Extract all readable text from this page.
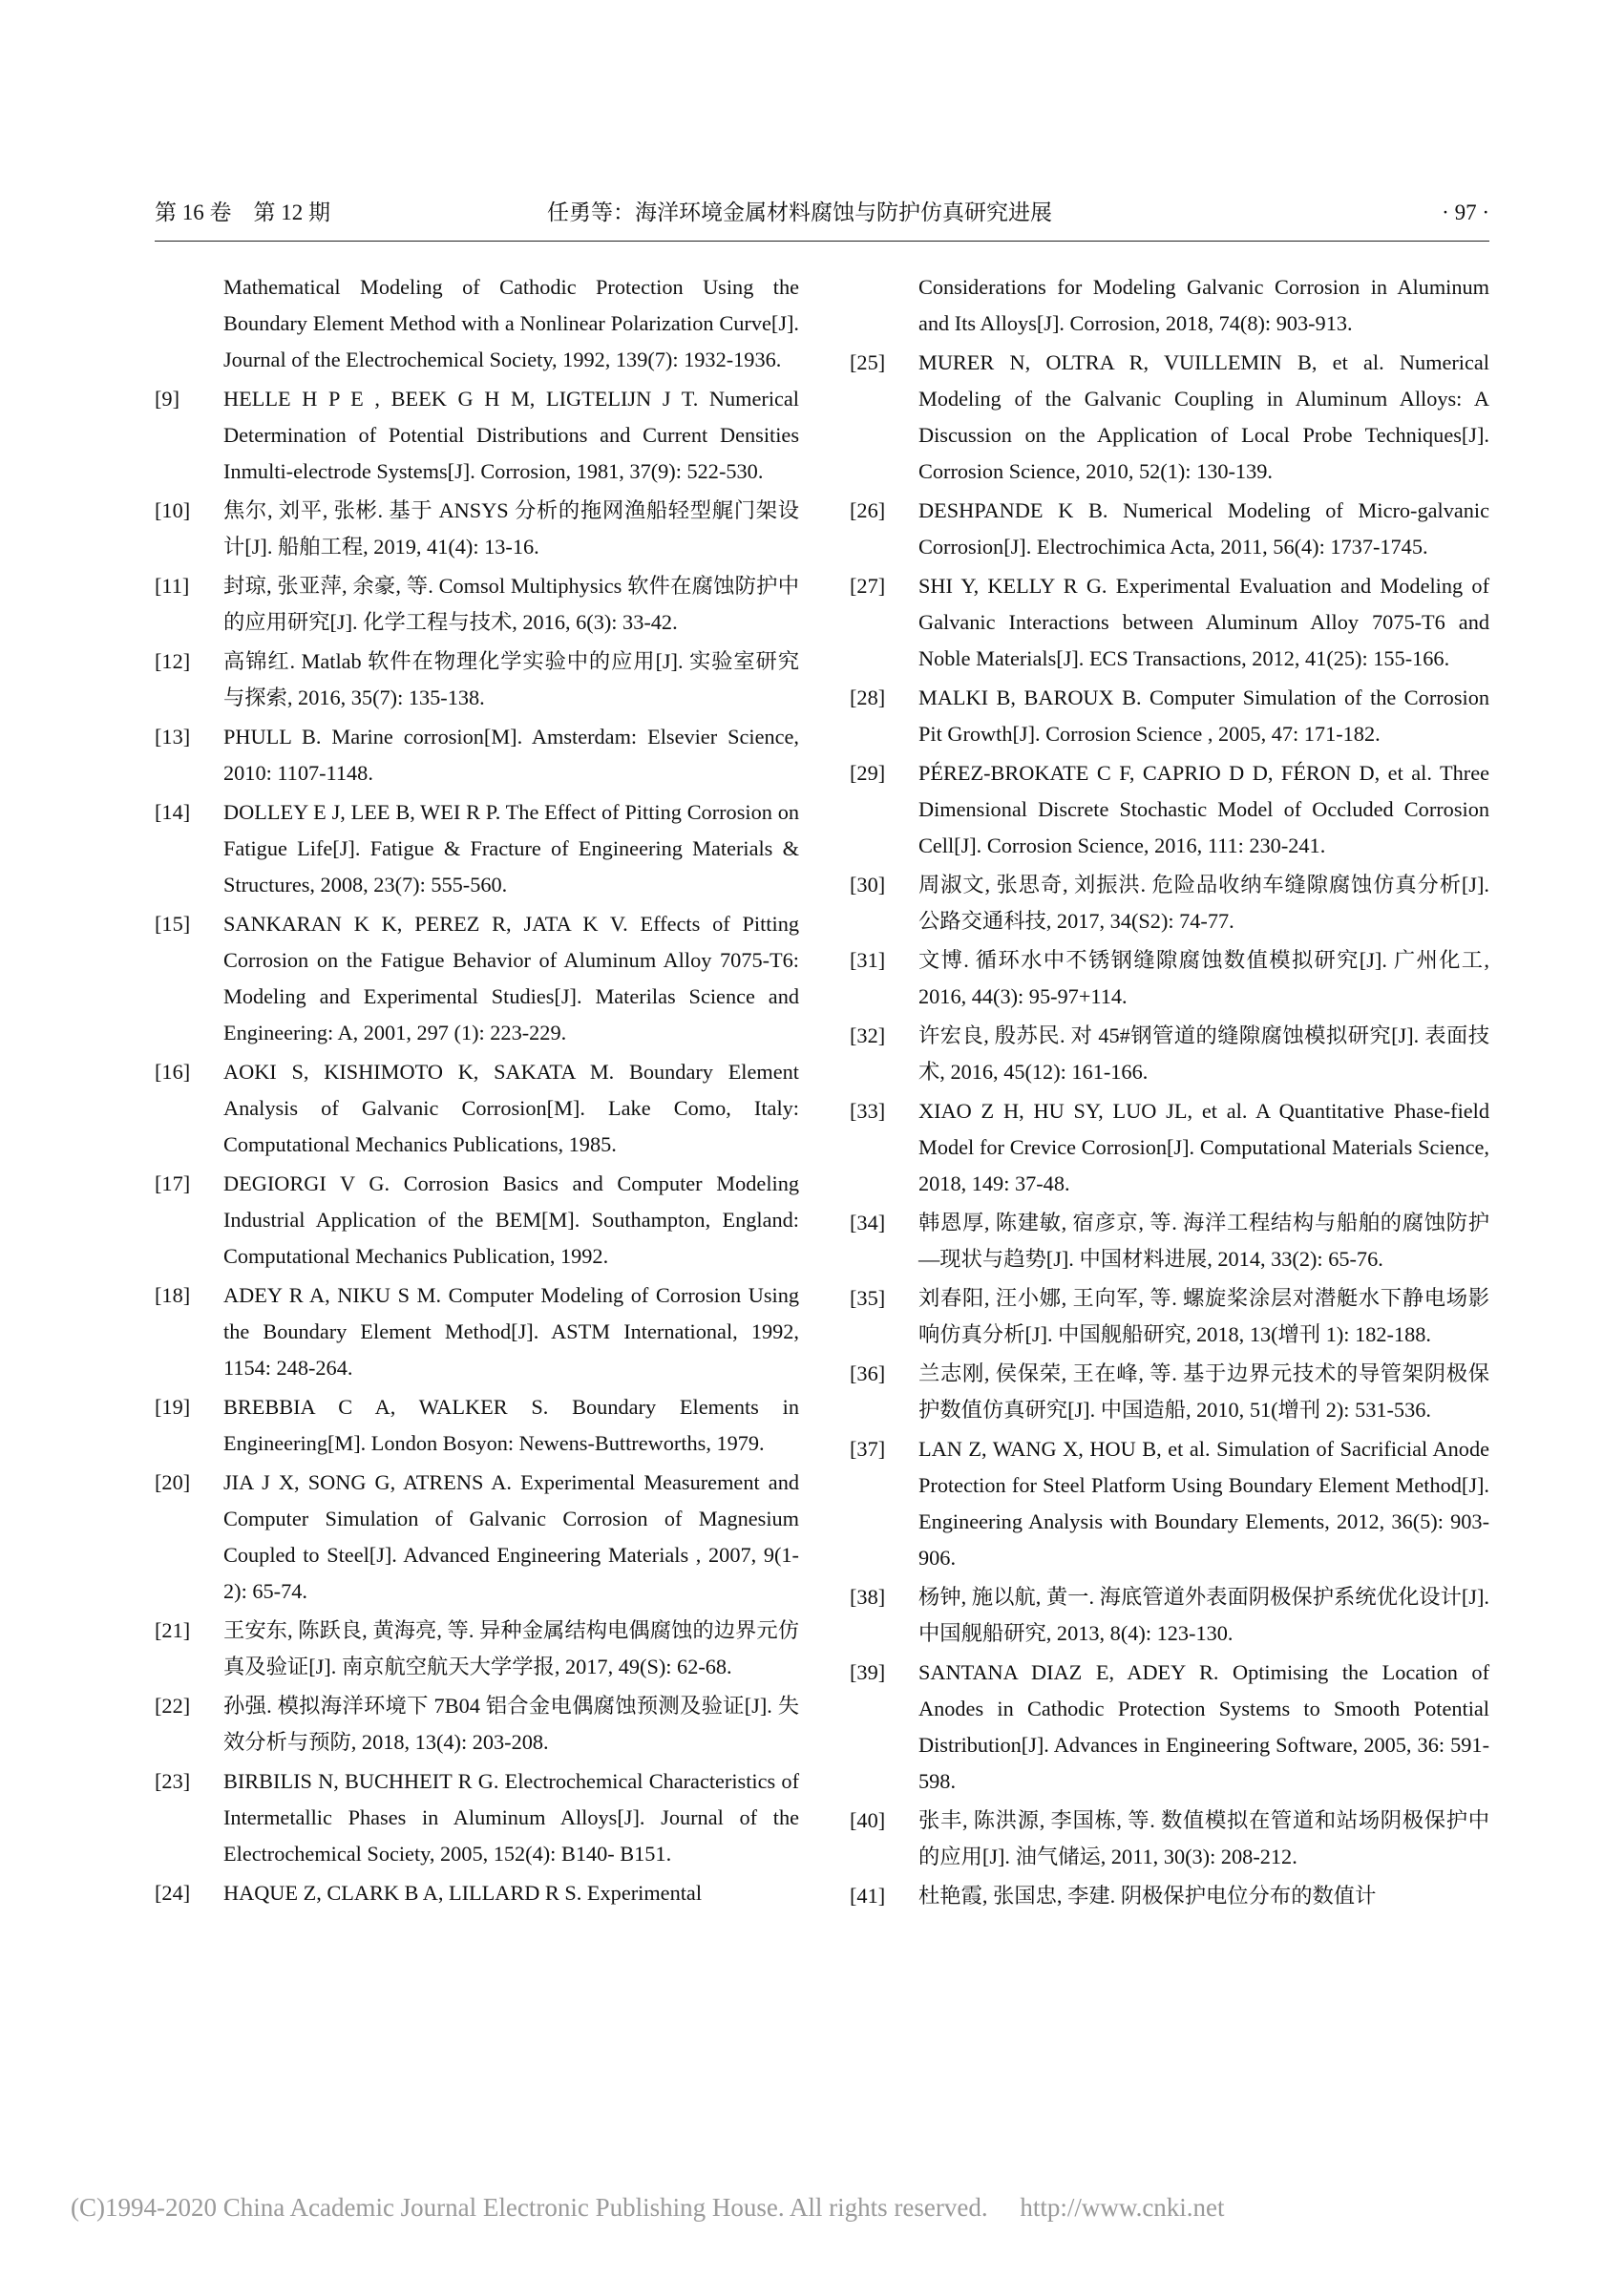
第 16 卷　第 12 期	任勇等：海洋环境金属材料腐蚀与防护仿真研究进展	· 97 ·
Mathematical Modeling of Cathodic Protection Using the Boundary Element Method with a Nonlinear Polarization Curve[J]. Journal of the Electrochemical Society, 1992, 139(7): 1932-1936.
[9] HELLE H P E , BEEK G H M, LIGTELIJN J T. Numerical Determination of Potential Distributions and Current Densities Inmulti-electrode Systems[J]. Corrosion, 1981, 37(9): 522-530.
[10] 焦尔, 刘平, 张彬. 基于 ANSYS 分析的拖网渔船轻型艉门架设计[J]. 船舶工程, 2019, 41(4): 13-16.
[11] 封琼, 张亚萍, 余豪, 等. Comsol Multiphysics 软件在腐蚀防护中的应用研究[J]. 化学工程与技术, 2016, 6(3): 33-42.
[12] 高锦红. Matlab 软件在物理化学实验中的应用[J]. 实验室研究与探索, 2016, 35(7): 135-138.
[13] PHULL B. Marine corrosion[M]. Amsterdam: Elsevier Science, 2010: 1107-1148.
[14] DOLLEY E J, LEE B, WEI R P. The Effect of Pitting Corrosion on Fatigue Life[J]. Fatigue & Fracture of Engineering Materials & Structures, 2008, 23(7): 555-560.
[15] SANKARAN K K, PEREZ R, JATA K V. Effects of Pitting Corrosion on the Fatigue Behavior of Aluminum Alloy 7075-T6: Modeling and Experimental Studies[J]. Materilas Science and Engineering: A, 2001, 297 (1): 223-229.
[16] AOKI S, KISHIMOTO K, SAKATA M. Boundary Element Analysis of Galvanic Corrosion[M]. Lake Como, Italy: Computational Mechanics Publications, 1985.
[17] DEGIORGI V G. Corrosion Basics and Computer Modeling Industrial Application of the BEM[M]. Southampton, England: Computational Mechanics Publication, 1992.
[18] ADEY R A, NIKU S M. Computer Modeling of Corrosion Using the Boundary Element Method[J]. ASTM International, 1992, 1154: 248-264.
[19] BREBBIA C A, WALKER S. Boundary Elements in Engineering[M]. London Bosyon: Newens-Buttreworths, 1979.
[20] JIA J X, SONG G, ATRENS A. Experimental Measurement and Computer Simulation of Galvanic Corrosion of Magnesium Coupled to Steel[J]. Advanced Engineering Materials , 2007, 9(1-2): 65-74.
[21] 王安东, 陈跃良, 黄海亮, 等. 异种金属结构电偶腐蚀的边界元仿真及验证[J]. 南京航空航天大学学报, 2017, 49(S): 62-68.
[22] 孙强. 模拟海洋环境下 7B04 铝合金电偶腐蚀预测及验证[J]. 失效分析与预防, 2018, 13(4): 203-208.
[23] BIRBILIS N, BUCHHEIT R G. Electrochemical Characteristics of Intermetallic Phases in Aluminum Alloys[J]. Journal of the Electrochemical Society, 2005, 152(4): B140- B151.
[24] HAQUE Z, CLARK B A, LILLARD R S. Experimental
Considerations for Modeling Galvanic Corrosion in Aluminum and Its Alloys[J]. Corrosion, 2018, 74(8): 903-913.
[25] MURER N, OLTRA R, VUILLEMIN B, et al. Numerical Modeling of the Galvanic Coupling in Aluminum Alloys: A Discussion on the Application of Local Probe Techniques[J]. Corrosion Science, 2010, 52(1): 130-139.
[26] DESHPANDE K B. Numerical Modeling of Micro-galvanic Corrosion[J]. Electrochimica Acta, 2011, 56(4): 1737-1745.
[27] SHI Y, KELLY R G. Experimental Evaluation and Modeling of Galvanic Interactions between Aluminum Alloy 7075-T6 and Noble Materials[J]. ECS Transactions, 2012, 41(25): 155-166.
[28] MALKI B, BAROUX B. Computer Simulation of the Corrosion Pit Growth[J]. Corrosion Science , 2005, 47: 171-182.
[29] PÉREZ-BROKATE C F, CAPRIO D D, FÉRON D, et al. Three Dimensional Discrete Stochastic Model of Occluded Corrosion Cell[J]. Corrosion Science, 2016, 111: 230-241.
[30] 周淑文, 张思奇, 刘振洪. 危险品收纳车缝隙腐蚀仿真分析[J]. 公路交通科技, 2017, 34(S2): 74-77.
[31] 文博. 循环水中不锈钢缝隙腐蚀数值模拟研究[J]. 广州化工, 2016, 44(3): 95-97+114.
[32] 许宏良, 殷苏民. 对 45#钢管道的缝隙腐蚀模拟研究[J]. 表面技术, 2016, 45(12): 161-166.
[33] XIAO Z H, HU SY, LUO JL, et al. A Quantitative Phase-field Model for Crevice Corrosion[J]. Computational Materials Science, 2018, 149: 37-48.
[34] 韩恩厚, 陈建敏, 宿彦京, 等. 海洋工程结构与船舶的腐蚀防护—现状与趋势[J]. 中国材料进展, 2014, 33(2): 65-76.
[35] 刘春阳, 汪小娜, 王向军, 等. 螺旋桨涂层对潜艇水下静电场影响仿真分析[J]. 中国舰船研究, 2018, 13(增刊 1): 182-188.
[36] 兰志刚, 侯保荣, 王在峰, 等. 基于边界元技术的导管架阴极保护数值仿真研究[J]. 中国造船, 2010, 51(增刊 2): 531-536.
[37] LAN Z, WANG X, HOU B, et al. Simulation of Sacrificial Anode Protection for Steel Platform Using Boundary Element Method[J]. Engineering Analysis with Boundary Elements, 2012, 36(5): 903-906.
[38] 杨钟, 施以航, 黄一. 海底管道外表面阴极保护系统优化设计[J]. 中国舰船研究, 2013, 8(4): 123-130.
[39] SANTANA DIAZ E, ADEY R. Optimising the Location of Anodes in Cathodic Protection Systems to Smooth Potential Distribution[J]. Advances in Engineering Software, 2005, 36: 591-598.
[40] 张丰, 陈洪源, 李国栋, 等. 数值模拟在管道和站场阴极保护中的应用[J]. 油气储运, 2011, 30(3): 208-212.
[41] 杜艳霞, 张国忠, 李建. 阴极保护电位分布的数值计
(C)1994-2020 China Academic Journal Electronic Publishing House. All rights reserved.　 http://www.cnki.net
